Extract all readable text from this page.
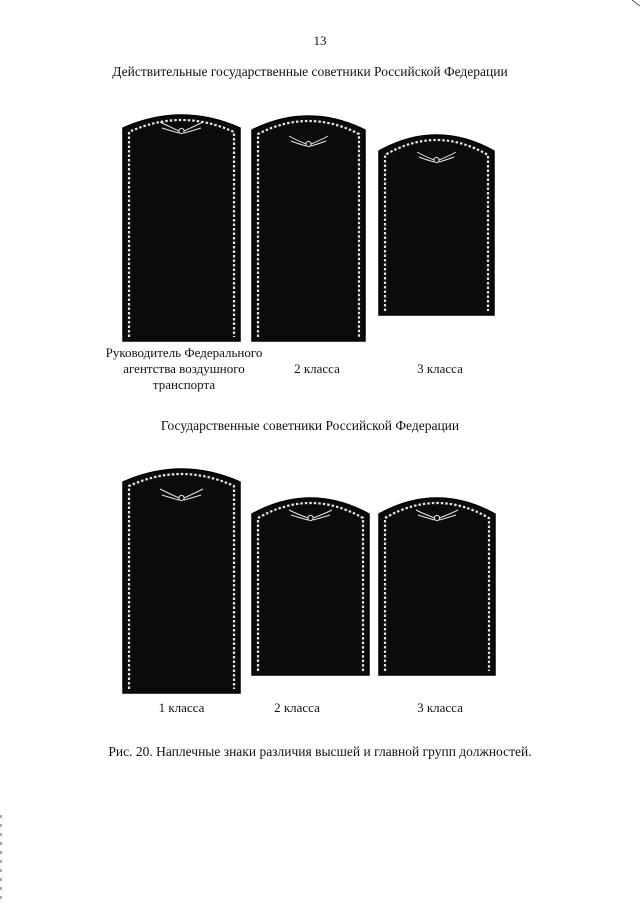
13
Действительные государственные советники Российской Федерации
Руководитель Федерального агентства воздушного транспорта
2 класса	3 класса
Государственные советники Российской Федерации
1 класса	2 класса	3 класса
Рис. 20. Наплечные знаки различия высшей и главной групп должностей.
